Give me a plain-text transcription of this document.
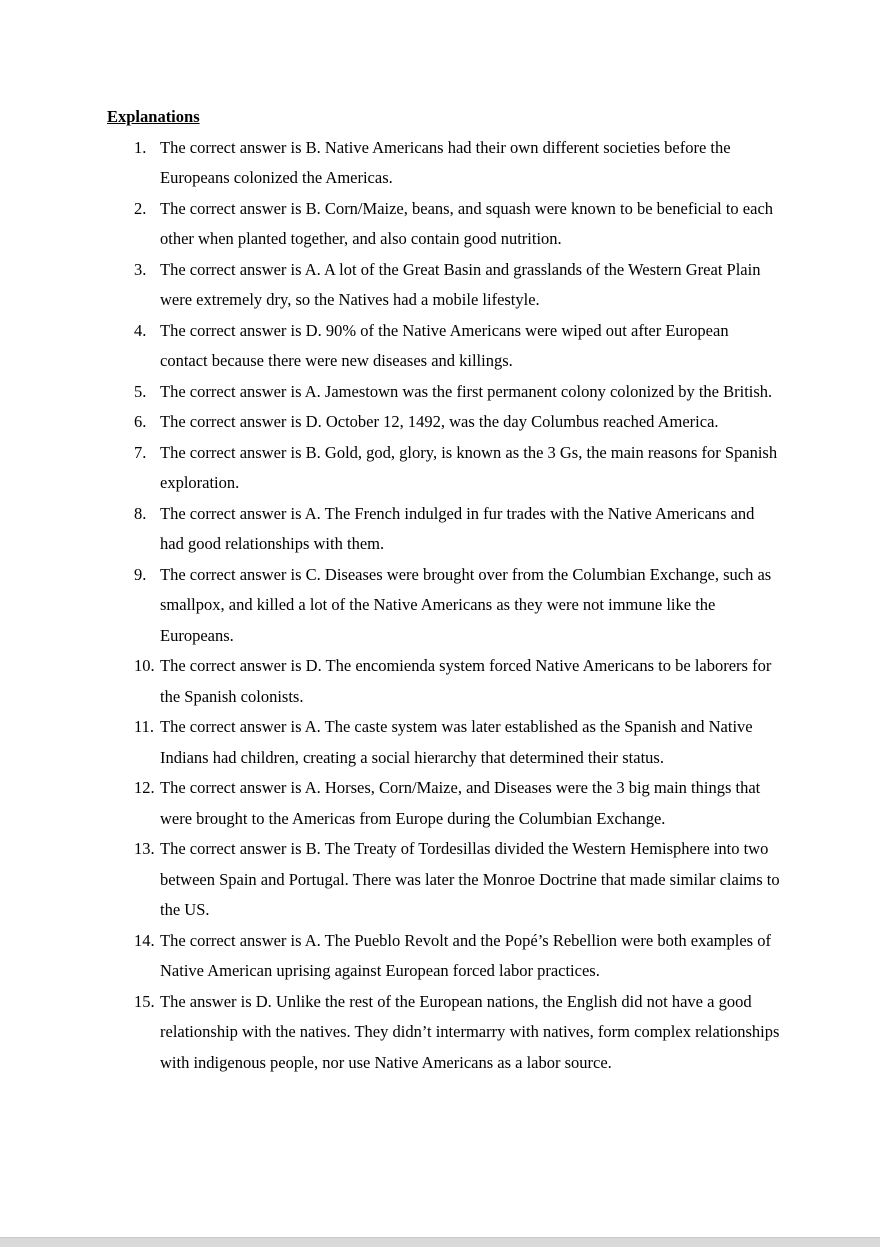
Explanations
1. The correct answer is B. Native Americans had their own different societies before the Europeans colonized the Americas.
2. The correct answer is B. Corn/Maize, beans, and squash were known to be beneficial to each other when planted together, and also contain good nutrition.
3. The correct answer is A. A lot of the Great Basin and grasslands of the Western Great Plain were extremely dry, so the Natives had a mobile lifestyle.
4. The correct answer is D. 90% of the Native Americans were wiped out after European contact because there were new diseases and killings.
5. The correct answer is A. Jamestown was the first permanent colony colonized by the British.
6. The correct answer is D. October 12, 1492, was the day Columbus reached America.
7. The correct answer is B. Gold, god, glory, is known as the 3 Gs, the main reasons for Spanish exploration.
8. The correct answer is A. The French indulged in fur trades with the Native Americans and had good relationships with them.
9. The correct answer is C. Diseases were brought over from the Columbian Exchange, such as smallpox, and killed a lot of the Native Americans as they were not immune like the Europeans.
10. The correct answer is D. The encomienda system forced Native Americans to be laborers for the Spanish colonists.
11. The correct answer is A. The caste system was later established as the Spanish and Native Indians had children, creating a social hierarchy that determined their status.
12. The correct answer is A. Horses, Corn/Maize, and Diseases were the 3 big main things that were brought to the Americas from Europe during the Columbian Exchange.
13. The correct answer is B. The Treaty of Tordesillas divided the Western Hemisphere into two between Spain and Portugal. There was later the Monroe Doctrine that made similar claims to the US.
14. The correct answer is A. The Pueblo Revolt and the Popé’s Rebellion were both examples of Native American uprising against European forced labor practices.
15. The answer is D. Unlike the rest of the European nations, the English did not have a good relationship with the natives. They didn’t intermarry with natives, form complex relationships with indigenous people, nor use Native Americans as a labor source.
